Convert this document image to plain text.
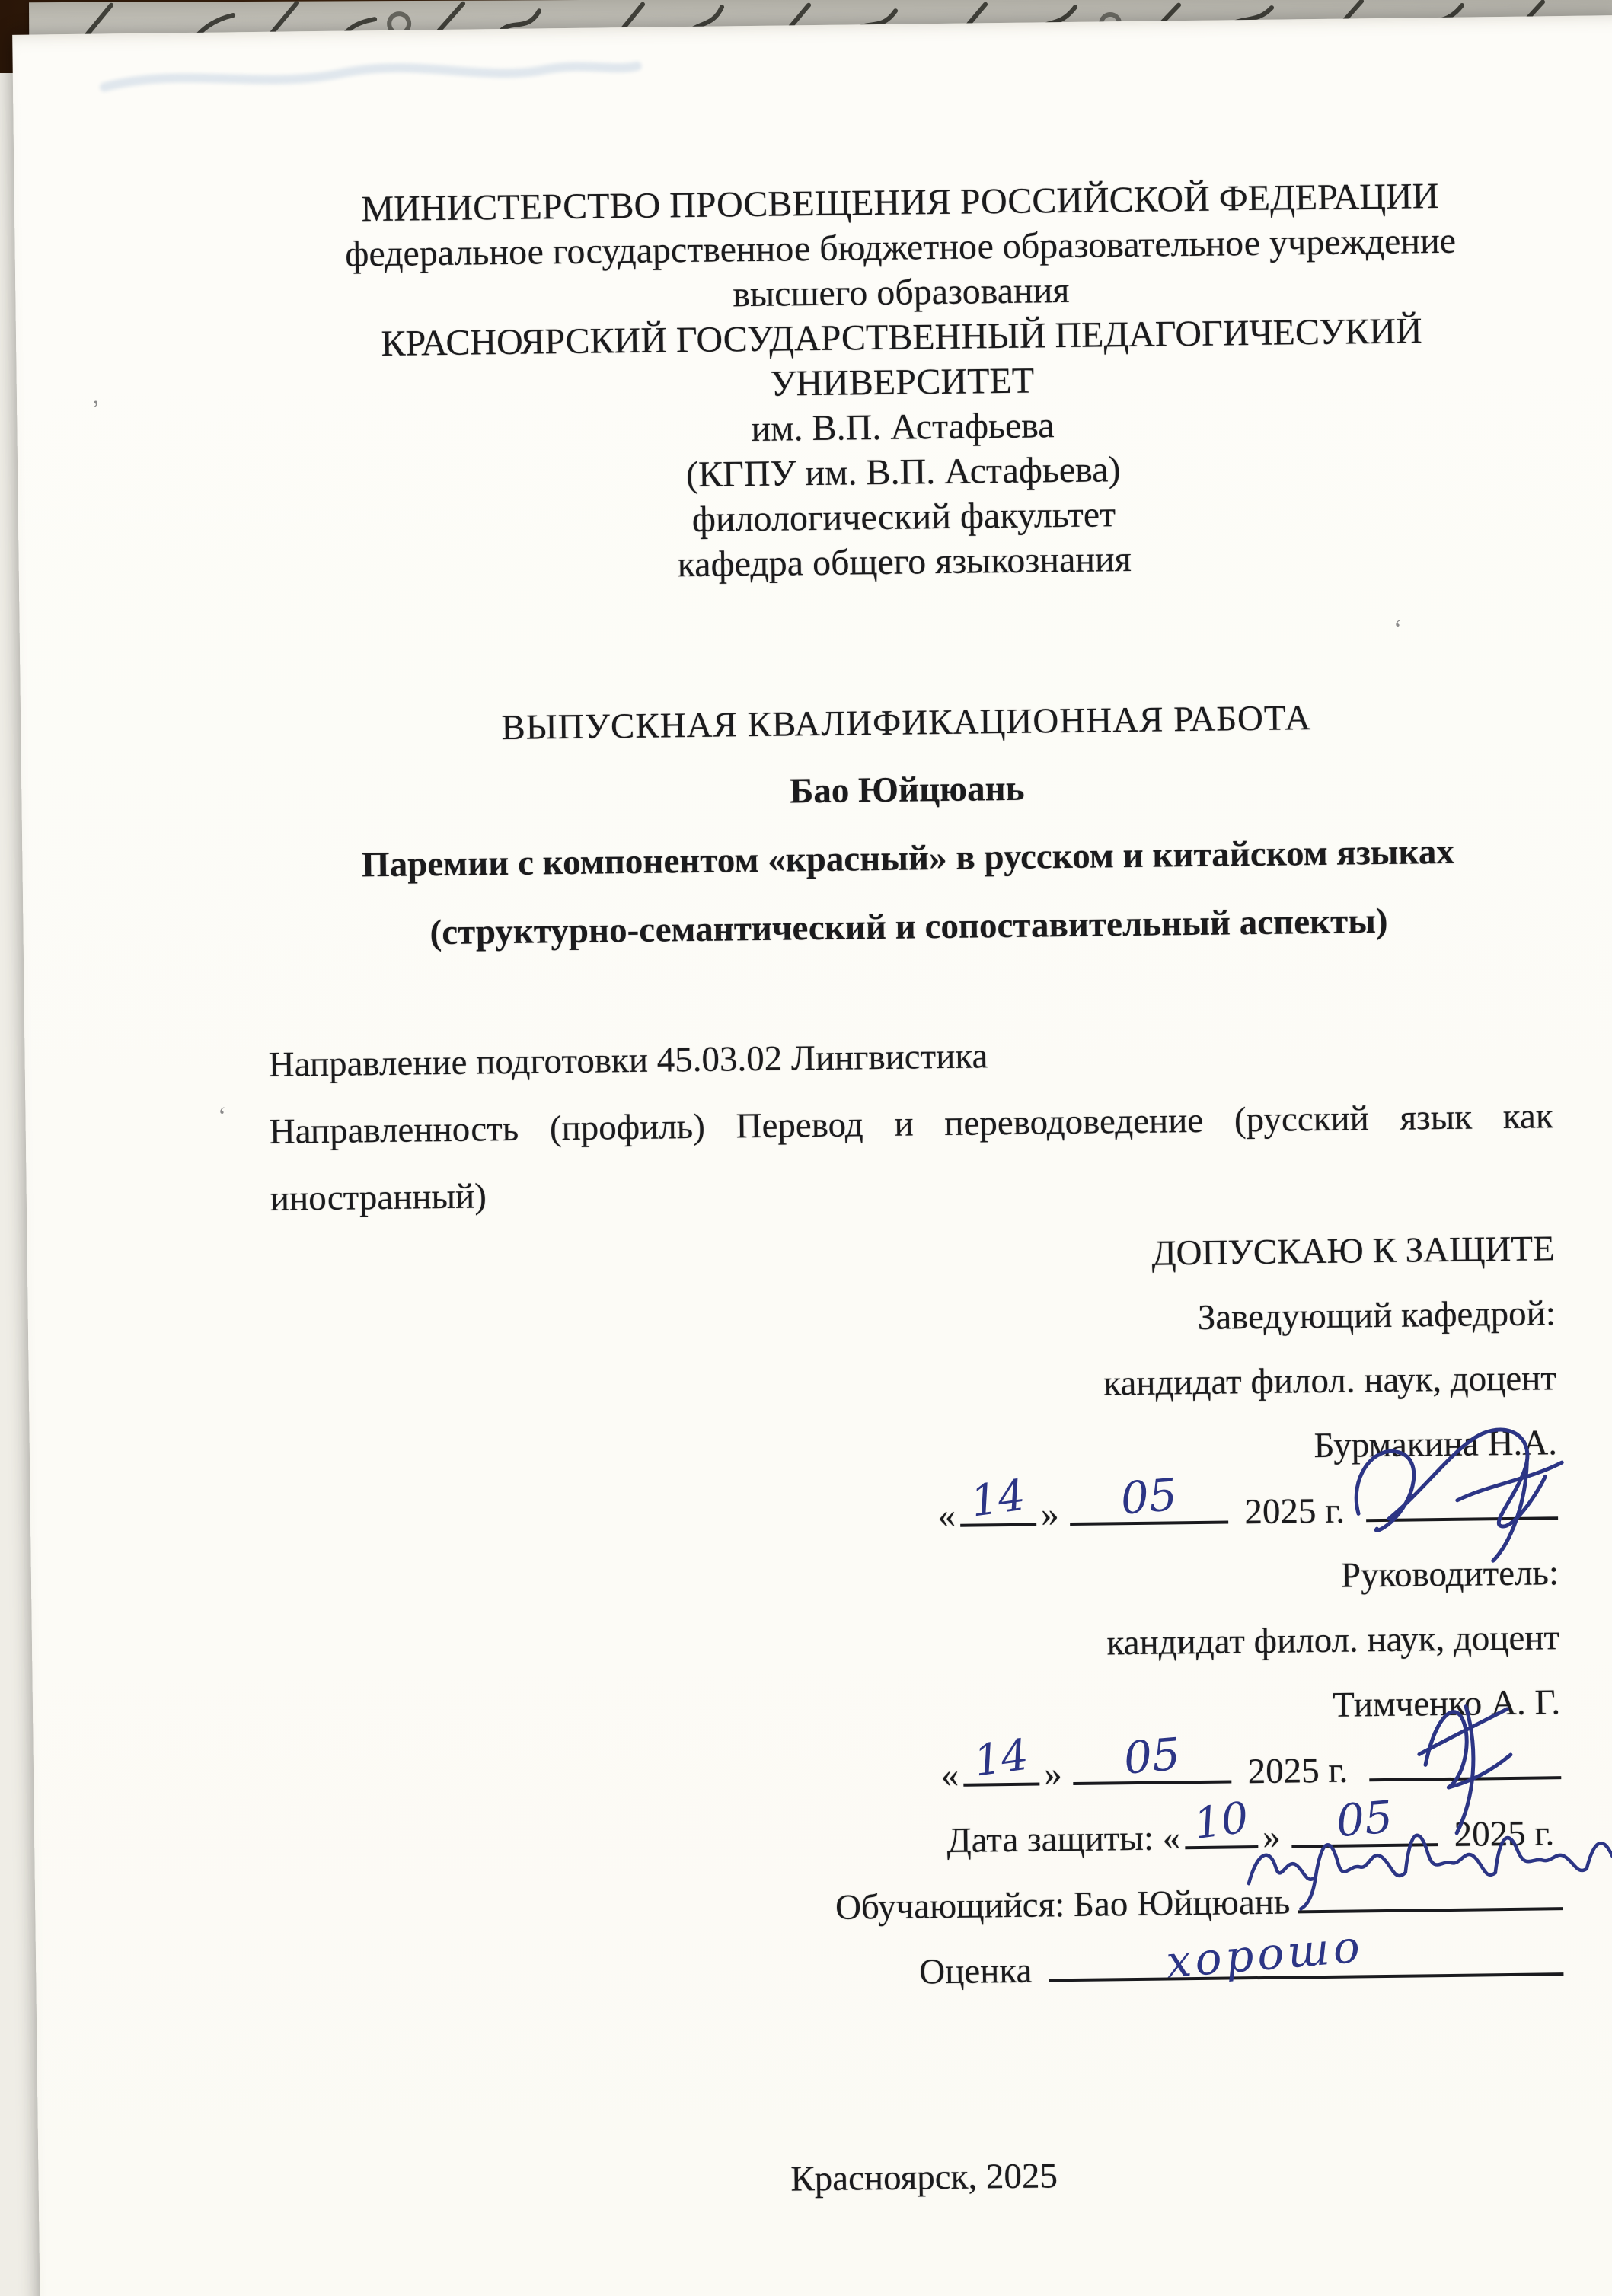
МИНИСТЕРСТВО ПРОСВЕЩЕНИЯ РОССИЙСКОЙ ФЕДЕРАЦИИ
федеральное государственное бюджетное образовательное учреждение
высшего образования
КРАСНОЯРСКИЙ ГОСУДАРСТВЕННЫЙ ПЕДАГОГИЧЕСУКИЙ
УНИВЕРСИТЕТ
им. В.П. Астафьева
(КГПУ им. В.П. Астафьева)
филологический факультет
кафедра общего языкознания
ВЫПУСКНАЯ КВАЛИФИКАЦИОННАЯ РАБОТА
Бао Юйцюань
Паремии с компонентом «красный» в русском и китайском языках
(структурно-семантический и сопоставительный аспекты)
Направление подготовки 45.03.02 Лингвистика
Направленность (профиль) Перевод и переводоведение (русский язык как
иностранный)
ДОПУСКАЮ К ЗАЩИТЕ
Заведующий кафедрой:
кандидат филол. наук, доцент
Бурмакина Н.А.
« 14 » 05 2025 г.
Руководитель:
кандидат филол. наук, доцент
Тимченко А. Г.
« 14 » 05 2025 г.
Дата защиты: « 10 » 05 2025 г.
Обучающийся: Бао Юйцюань
Оценка	хорошо
Красноярск, 2025
ʼ
ʻ
ʻ
